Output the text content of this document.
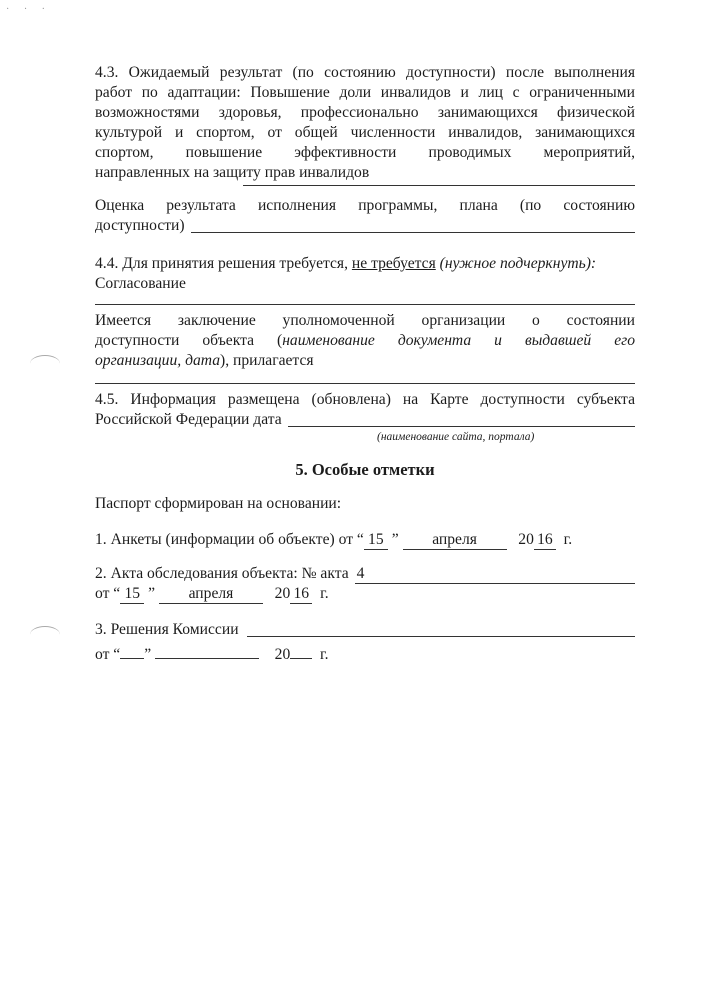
· · ·
4.3. Ожидаемый результат (по состоянию доступности) после выполнения
работ по адаптации: Повышение доли инвалидов и лиц с ограниченными
возможностями здоровья, профессионально занимающихся физической
культурой и спортом, от общей численности инвалидов, занимающихся
спортом, повышение эффективности проводимых мероприятий,
направленных на защиту прав инвалидов
Оценка результата исполнения программы, плана (по состоянию
доступности)
4.4. Для принятия решения требуется, не требуется (нужное подчеркнуть):
Согласование
Имеется заключение уполномоченной организации о состоянии
доступности объекта (наименование документа и выдавшей его
организации, дата), прилагается
4.5. Информация размещена (обновлена) на Карте доступности субъекта
Российской Федерации дата
(наименование сайта, портала)
5. Особые отметки
Паспорт сформирован на основании:
1. Анкеты (информации об объекте) от “ 15 ” апреля	20 16 г.
2. Акта обследования объекта: № акта 4
от “ 15 ” апреля	20 16 г.
3. Решения Комиссии
от “ ”	20 г.
